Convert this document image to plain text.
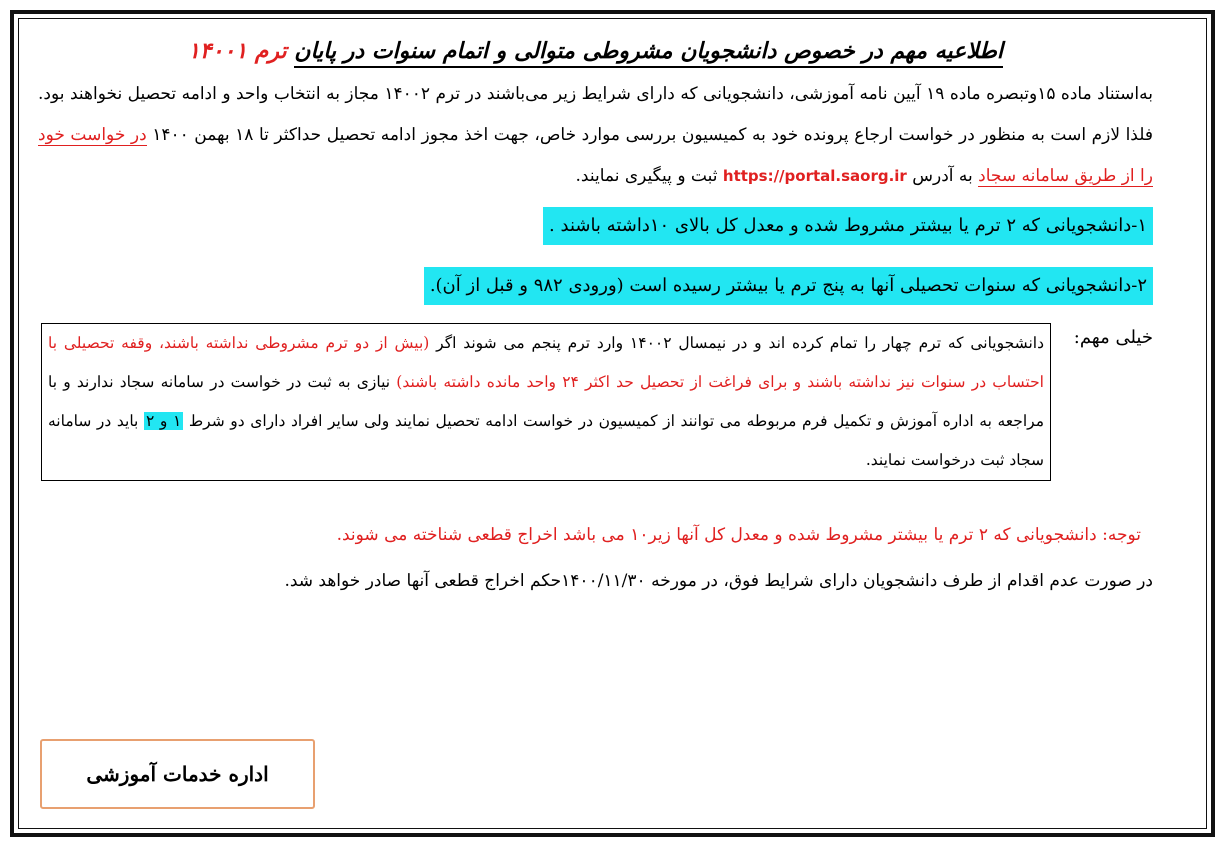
اطلاعیه مهم در خصوص دانشجویان مشروطی متوالی و اتمام سنوات در پایان ترم ۱۴۰۰۱

به‌استناد ماده ۱۵وتبصره ماده ۱۹ آیین نامه آموزشی، دانشجویانی که دارای شرایط زیر می‌باشند در ترم ۱۴۰۰۲ مجاز به انتخاب واحد و ادامه تحصیل نخواهند بود. فلذا لازم است به منظور در خواست ارجاع پرونده خود به کمیسیون بررسی موارد خاص، جهت اخذ مجوز ادامه تحصیل حداکثر تا ۱۸ بهمن ۱۴۰۰ در خواست خود را از طریق سامانه سجاد به آدرس https://portal.saorg.ir ثبت و پیگیری نمایند.

۱-دانشجویانی که ۲ ترم یا بیشتر مشروط شده و معدل کل بالای ۱۰داشته باشند .
۲-دانشجویانی که سنوات تحصیلی آنها به پنج ترم یا بیشتر رسیده است (ورودی ۹۸۲ و قبل از آن).
خیلی مهم:
دانشجویانی که ترم چهار را تمام کرده اند و در نیمسال ۱۴۰۰۲ وارد ترم پنجم می شوند اگر (بیش از دو ترم مشروطی نداشته باشند، وقفه تحصیلی با احتساب در سنوات نیز نداشته باشند و برای فراغت از تحصیل حد اکثر ۲۴ واحد مانده داشته باشند) نیازی به ثبت در خواست در سامانه سجاد ندارند و با مراجعه به اداره آموزش و تکمیل فرم مربوطه می توانند از کمیسیون در خواست ادامه تحصیل نمایند ولی سایر افراد دارای دو شرط ۱ و ۲ باید در سامانه سجاد ثبت درخواست نمایند.

توجه: دانشجویانی که ۲ ترم یا بیشتر مشروط شده و معدل کل آنها زیر۱۰ می باشد اخراج قطعی شناخته می شوند.

در صورت عدم اقدام از طرف دانشجویان دارای شرایط فوق، در مورخه ۱۴۰۰/۱۱/۳۰حکم اخراج قطعی آنها صادر خواهد شد.

اداره خدمات آموزشی
